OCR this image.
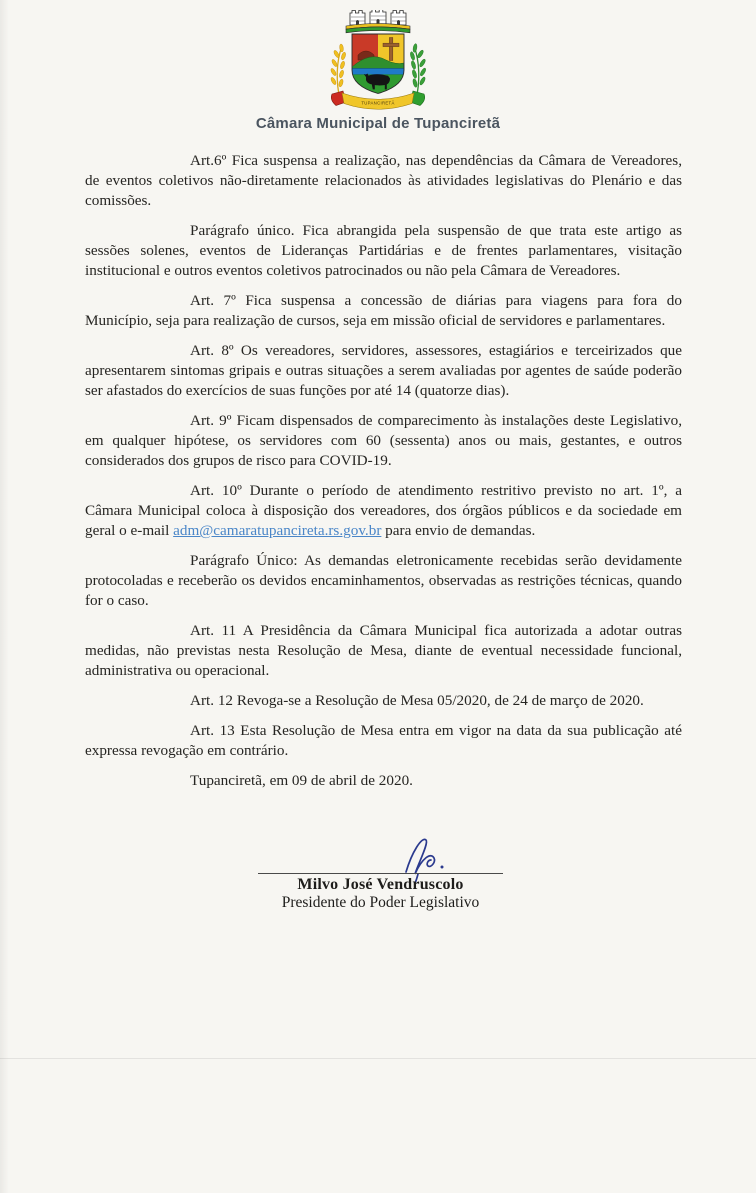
TUPANCIRETÃ
Câmara Municipal de Tupanciretã

Art.6º Fica suspensa a realização, nas dependências da Câmara de Vereadores, de eventos coletivos não-diretamente relacionados às atividades legislativas do Plenário e das comissões.

Parágrafo único. Fica abrangida pela suspensão de que trata este artigo as sessões solenes, eventos de Lideranças Partidárias e de frentes parlamentares, visitação institucional e outros eventos coletivos patrocinados ou não pela Câmara de Vereadores.

Art. 7º Fica suspensa a concessão de diárias para viagens para fora do Município, seja para realização de cursos, seja em missão oficial de servidores e parlamentares.

Art. 8º Os vereadores, servidores, assessores, estagiários e terceirizados que apresentarem sintomas gripais e outras situações a serem avaliadas por agentes de saúde poderão ser afastados do exercícios de suas funções por até 14 (quatorze dias).

Art. 9º Ficam dispensados de comparecimento às instalações deste Legislativo, em qualquer hipótese, os servidores com 60 (sessenta) anos ou mais, gestantes, e outros considerados dos grupos de risco para COVID-19.

Art. 10º Durante o período de atendimento restritivo previsto no art. 1º, a Câmara Municipal coloca à disposição dos vereadores, dos órgãos públicos e da sociedade em geral o e-mail adm@camaratupancireta.rs.gov.br para envio de demandas.

Parágrafo Único: As demandas eletronicamente recebidas serão devidamente protocoladas e receberão os devidos encaminhamentos, observadas as restrições técnicas, quando for o caso.

Art. 11 A Presidência da Câmara Municipal fica autorizada a adotar outras medidas, não previstas nesta Resolução de Mesa, diante de eventual necessidade funcional, administrativa ou operacional.

Art. 12 Revoga-se a Resolução de Mesa 05/2020, de 24 de março de 2020.

Art. 13 Esta Resolução de Mesa entra em vigor na data da sua publicação até expressa revogação em contrário.

Tupanciretã, em 09 de abril de 2020.

Milvo José Vendruscolo
Presidente do Poder Legislativo
